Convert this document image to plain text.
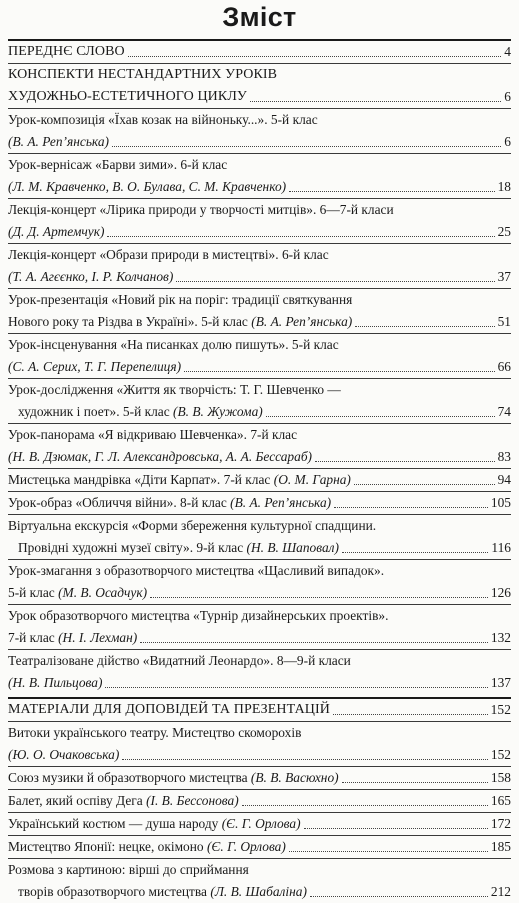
Зміст
ПЕРЕДНЄ СЛОВО	4
КОНСПЕКТИ НЕСТАНДАРТНИХ УРОКІВ
ХУДОЖНЬО-ЕСТЕТИЧНОГО ЦИКЛУ	6
Урок-композиція «Їхав козак на війноньку...». 5-й клас
(В. А. Реп’янська)	6
Урок-вернісаж «Барви зими». 6-й клас
(Л. М. Кравченко, В. О. Булава, С. М. Кравченко)	18
Лекція-концерт «Лірика природи у творчості митців». 6—7-й класи
(Д. Д. Артемчук)	25
Лекція-концерт «Образи природи в мистецтві». 6-й клас
(Т. А. Агєєнко, І. Р. Колчанов)	37
Урок-презентація «Новий рік на поріг: традиції святкування
Нового року та Різдва в Україні». 5-й клас (В. А. Реп’янська)	51
Урок-інсценування «На писанках долю пишуть». 5-й клас
(С. А. Серих, Т. Г. Перепелиця)	66
Урок-дослідження «Життя як творчість: Т. Г. Шевченко —
художник і поет». 5-й клас (В. В. Жужома)	74
Урок-панорама «Я відкриваю Шевченка». 7-й клас
(Н. В. Дзюмак, Г. Л. Александровська, А. А. Бессараб)	83
Мистецька мандрівка «Діти Карпат». 7-й клас (О. М. Гарна)	94
Урок-образ «Обличчя війни». 8-й клас (В. А. Реп’янська)	105
Віртуальна екскурсія «Форми збереження культурної спадщини.
Провідні художні музеї світу». 9-й клас (Н. В. Шаповал)	116
Урок-змагання з образотворчого мистецтва «Щасливий випадок».
5-й клас (М. В. Осадчук)	126
Урок образотворчого мистецтва «Турнір дизайнерських проектів».
7-й клас (Н. І. Лехман)	132
Театралізоване дійство «Видатний Леонардо». 8—9-й класи
(Н. В. Пильцова)	137
МАТЕРІАЛИ ДЛЯ ДОПОВІДЕЙ ТА ПРЕЗЕНТАЦІЙ	152
Витоки українського театру. Мистецтво скоморохів
(Ю. О. Очаковська)	152
Союз музики й образотворчого мистецтва (В. В. Васюхно)	158
Балет, який оспіву Дега (І. В. Бессонова)	165
Український костюм — душа народу (Є. Г. Орлова)	172
Мистецтво Японії: нецке, окімоно (Є. Г. Орлова)	185
Розмова з картиною: вірші до сприймання
творів образотворчого мистецтва (Л. В. Шабаліна)	212
